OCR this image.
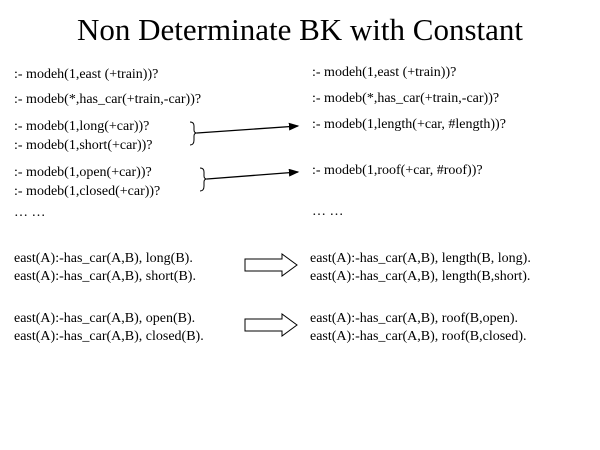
Non Determinate BK with Constant
:- modeh(1,east (+train))?
:- modeb(*,has_car(+train,-car))?
:- modeb(1,long(+car))?
:- modeb(1,short(+car))?
:- modeb(1,open(+car))?
:- modeb(1,closed(+car))?
… …
:- modeh(1,east (+train))?
:- modeb(*,has_car(+train,-car))?
:- modeb(1,length(+car, #length))?
:- modeb(1,roof(+car, #roof))?
… …
east(A):-has_car(A,B), long(B).
east(A):-has_car(A,B), short(B).
east(A):-has_car(A,B), open(B).
east(A):-has_car(A,B), closed(B).
east(A):-has_car(A,B), length(B, long).
east(A):-has_car(A,B), length(B,short).
east(A):-has_car(A,B), roof(B,open).
east(A):-has_car(A,B), roof(B,closed).
